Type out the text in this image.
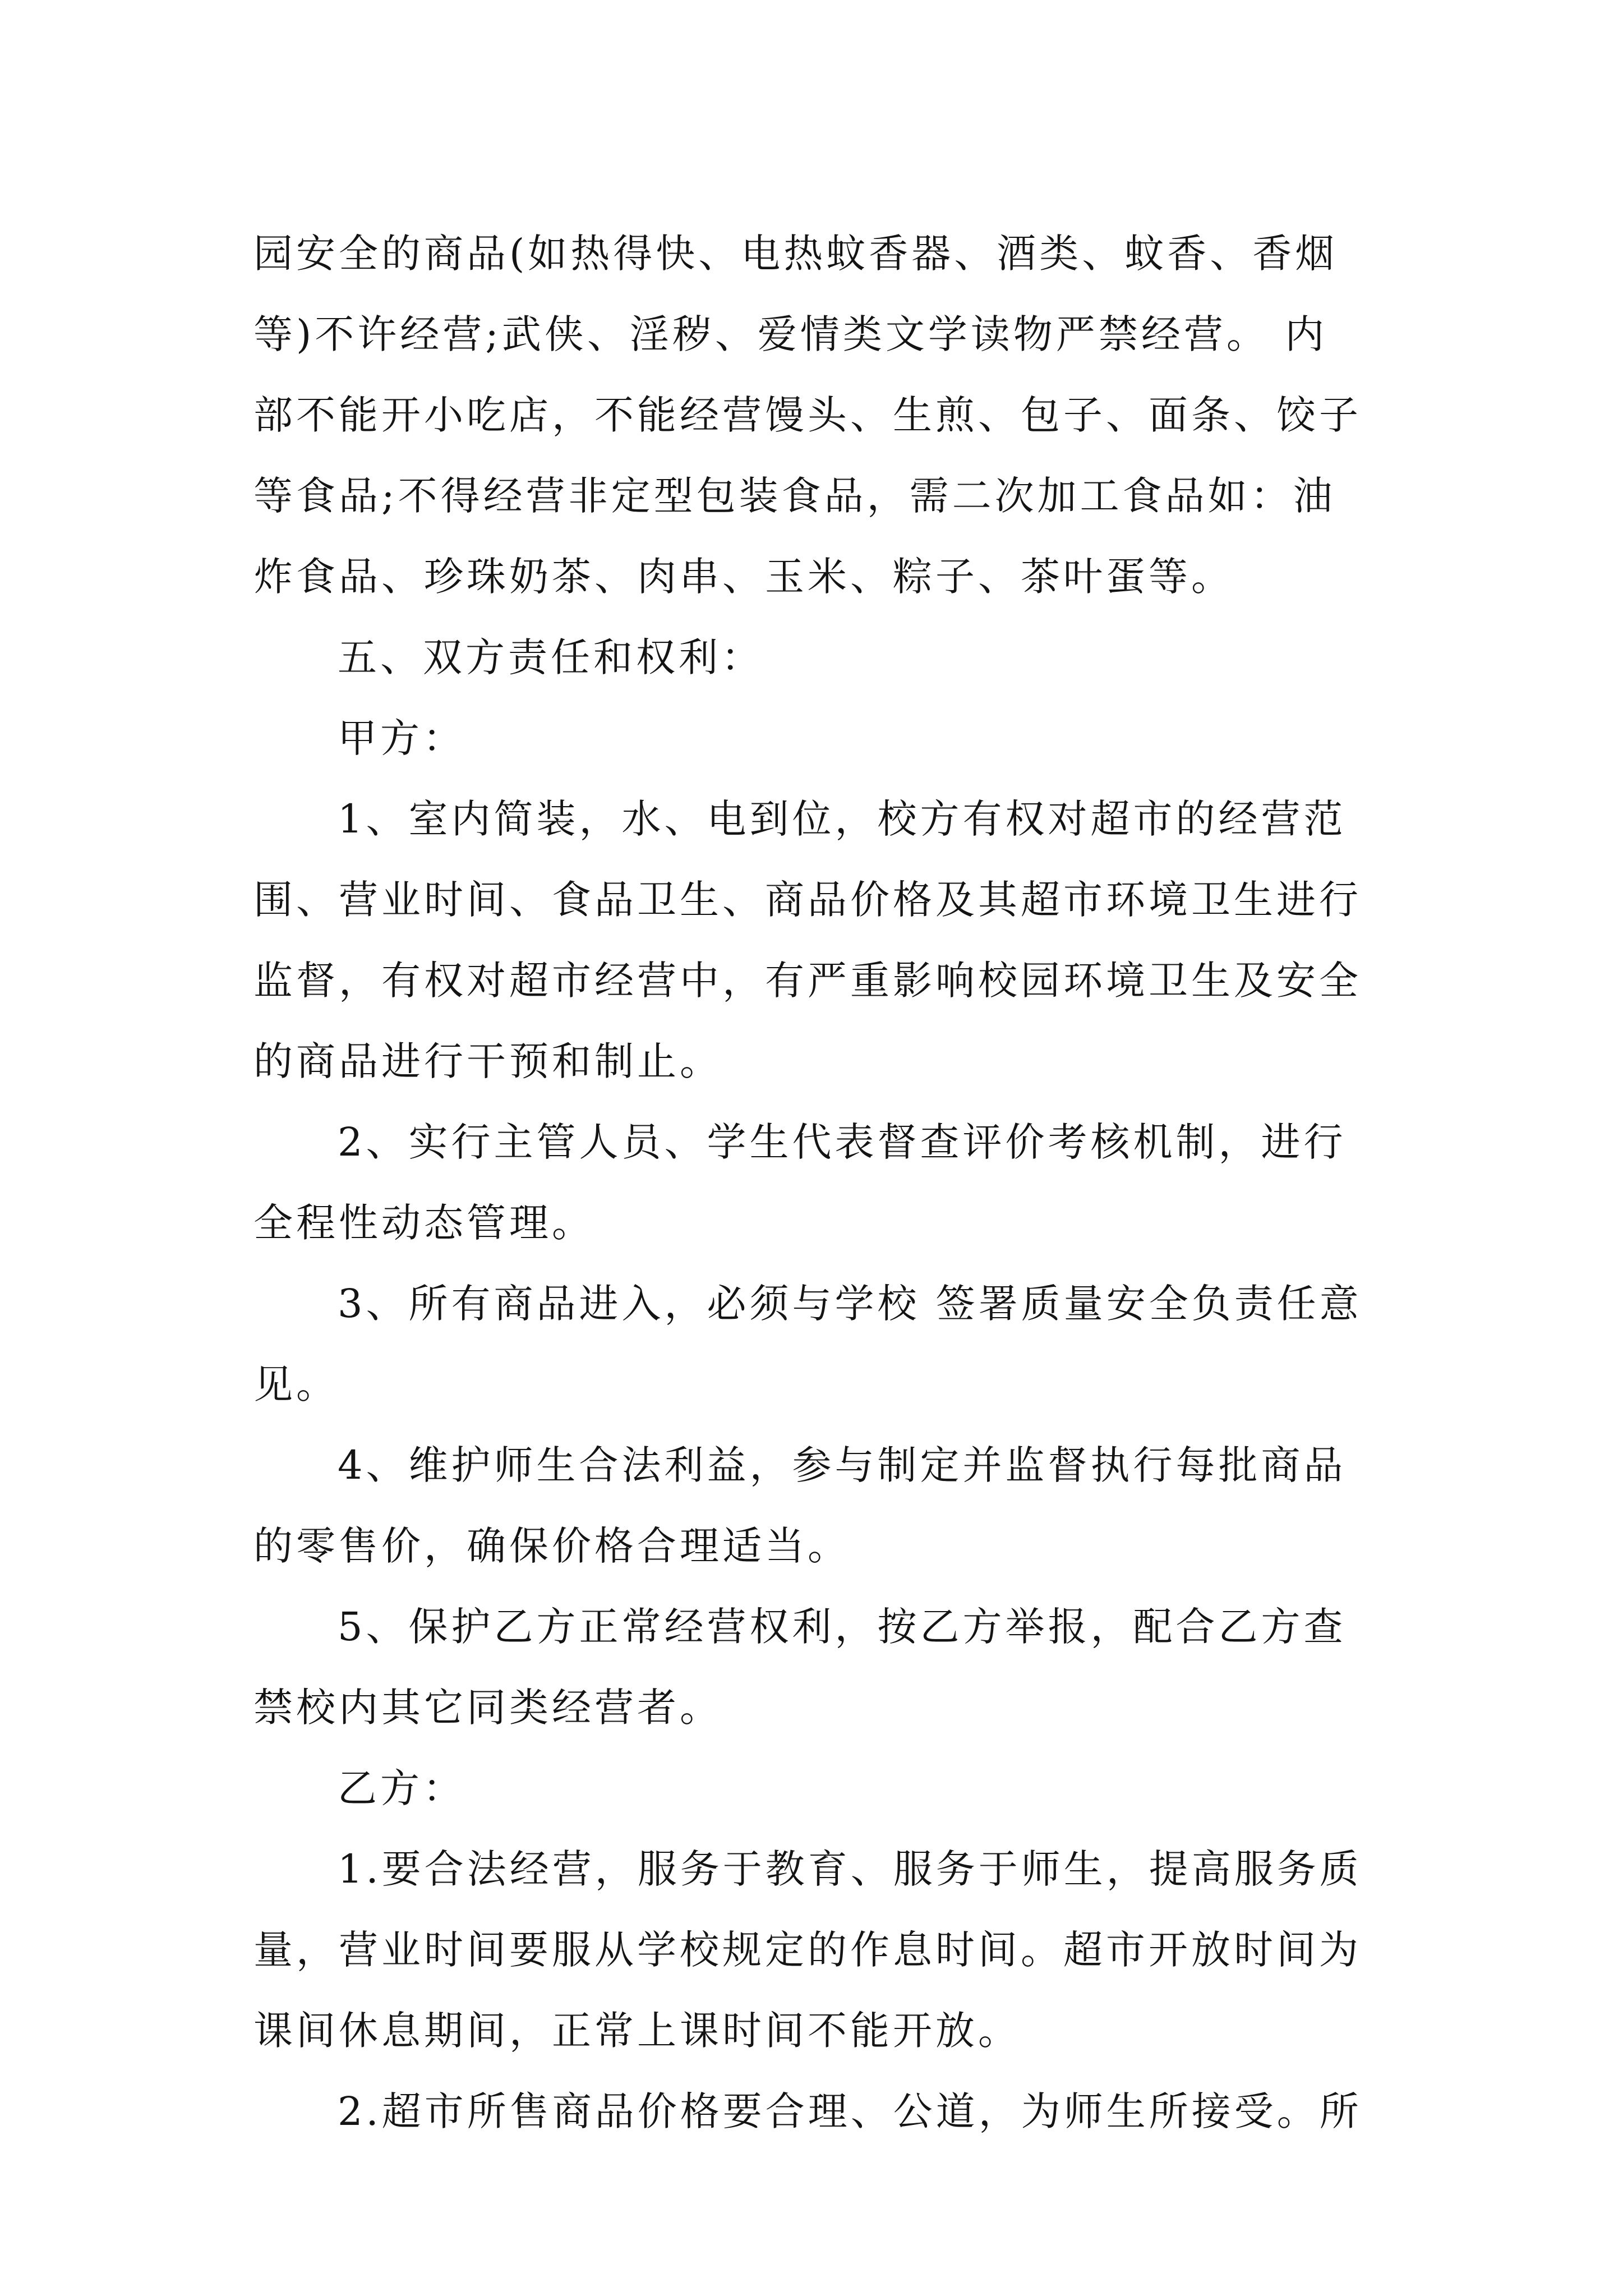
园安全的商品(如热得快、电热蚊香器、酒类、蚊香、香烟
等)不许经营;武侠、淫秽、爱情类文学读物严禁经营。 内
部不能开小吃店，不能经营馒头、生煎、包子、面条、饺子
等食品;不得经营非定型包装食品，需二次加工食品如：油
炸食品、珍珠奶茶、肉串、玉米、粽子、茶叶蛋等。
五、双方责任和权利：
甲方：
1、室内简装，水、电到位，校方有权对超市的经营范
围、营业时间、食品卫生、商品价格及其超市环境卫生进行
监督，有权对超市经营中，有严重影响校园环境卫生及安全
的商品进行干预和制止。
2、实行主管人员、学生代表督查评价考核机制，进行
全程性动态管理。
3、所有商品进入，必须与学校 签署质量安全负责任意
见。
4、维护师生合法利益，参与制定并监督执行每批商品
的零售价，确保价格合理适当。
5、保护乙方正常经营权利，按乙方举报，配合乙方查
禁校内其它同类经营者。
乙方：
1.要合法经营，服务于教育、服务于师生，提高服务质
量，营业时间要服从学校规定的作息时间。超市开放时间为
课间休息期间，正常上课时间不能开放。
2.超市所售商品价格要合理、公道，为师生所接受。所
